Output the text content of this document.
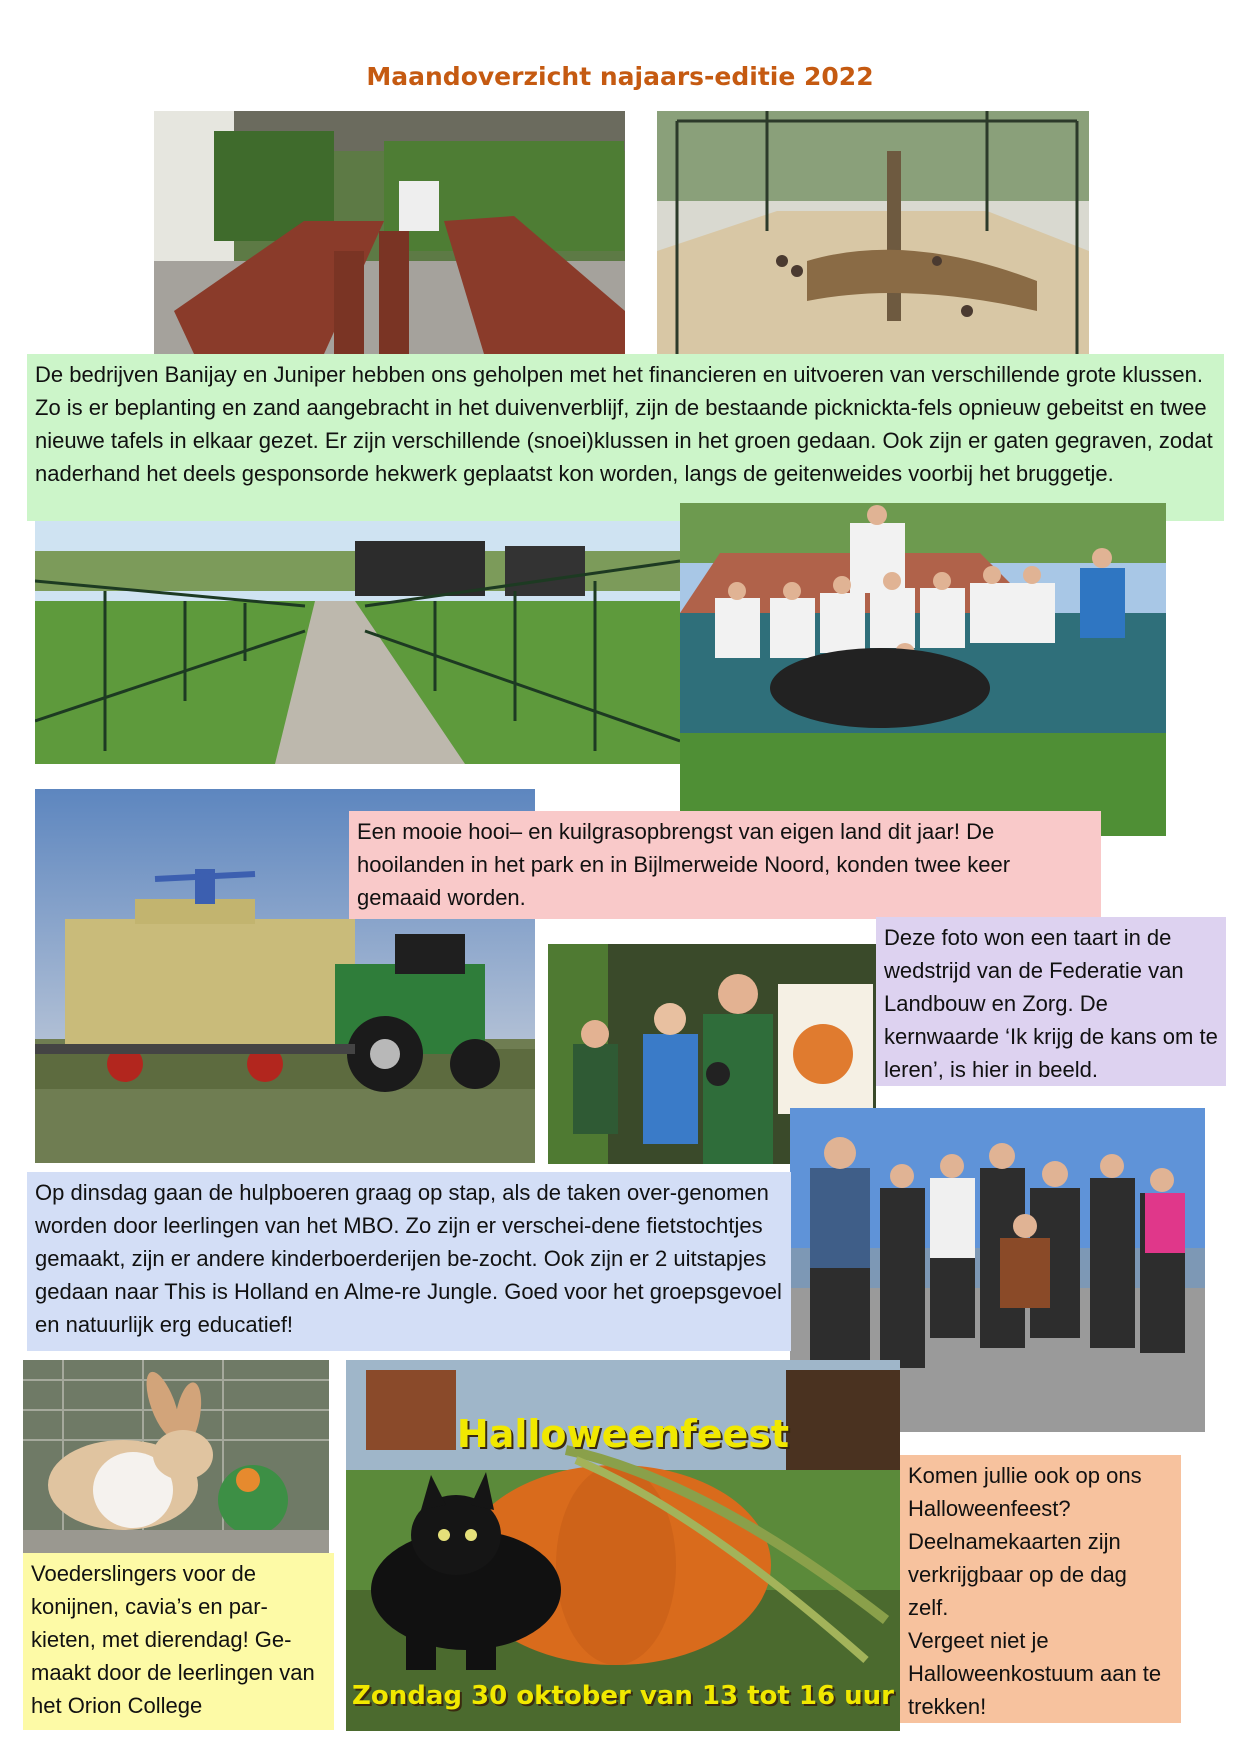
Maandoverzicht najaars-editie 2022
De bedrijven Banijay en Juniper hebben ons geholpen met het financieren en uitvoeren van verschillende grote klussen. Zo is er beplanting en zand aangebracht in het duivenverblijf, zijn de bestaande picknickta-fels opnieuw gebeitst en twee nieuwe tafels in elkaar gezet. Er zijn verschillende (snoei)klussen in het groen gedaan. Ook zijn er gaten gegraven, zodat naderhand het deels gesponsorde hekwerk geplaatst kon worden, langs de geitenweides voorbij het bruggetje.
Een mooie hooi– en kuilgrasopbrengst van eigen land dit jaar! De hooilanden in het park en in Bijlmerweide Noord, konden twee keer gemaaid worden.
Deze foto won een taart in de wedstrijd van de Federatie van Landbouw en Zorg. De kernwaarde ‘Ik krijg de kans om te leren’, is hier in beeld.
Op dinsdag gaan de hulpboeren graag op stap, als de taken over-genomen worden door leerlingen van het MBO. Zo zijn er verschei-dene fietstochtjes gemaakt, zijn er andere kinderboerderijen be-zocht. Ook zijn er 2 uitstapjes gedaan naar This is Holland en Alme-re Jungle. Goed voor het groepsgevoel en natuurlijk erg educatief!
Voederslingers voor de konijnen, cavia’s en par-kieten, met dierendag! Ge-maakt door de leerlingen van het Orion College
Halloweenfeest
Zondag 30 oktober van 13 tot 16 uur
Komen jullie ook op ons Halloweenfeest? Deelnamekaarten zijn verkrijgbaar op de dag zelf.
Vergeet niet je Halloweenkostuum aan te trekken!
